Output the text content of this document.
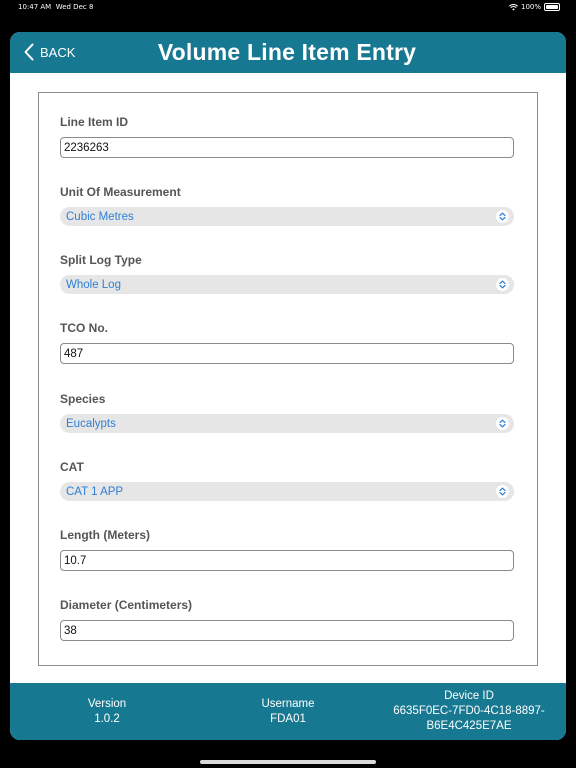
10:47 AM Wed Dec 8	100%
BACK	Volume Line Item Entry
Line Item ID
2236263
Unit Of Measurement
Cubic Metres
Split Log Type
Whole Log
TCO No.
487
Species
Eucalypts
CAT
CAT 1 APP
Length (Meters)
10.7
Diameter (Centimeters)
38
Version
1.0.2
Username
FDA01
Device ID
6635F0EC-7FD0-4C18-8897-
B6E4C425E7AE
